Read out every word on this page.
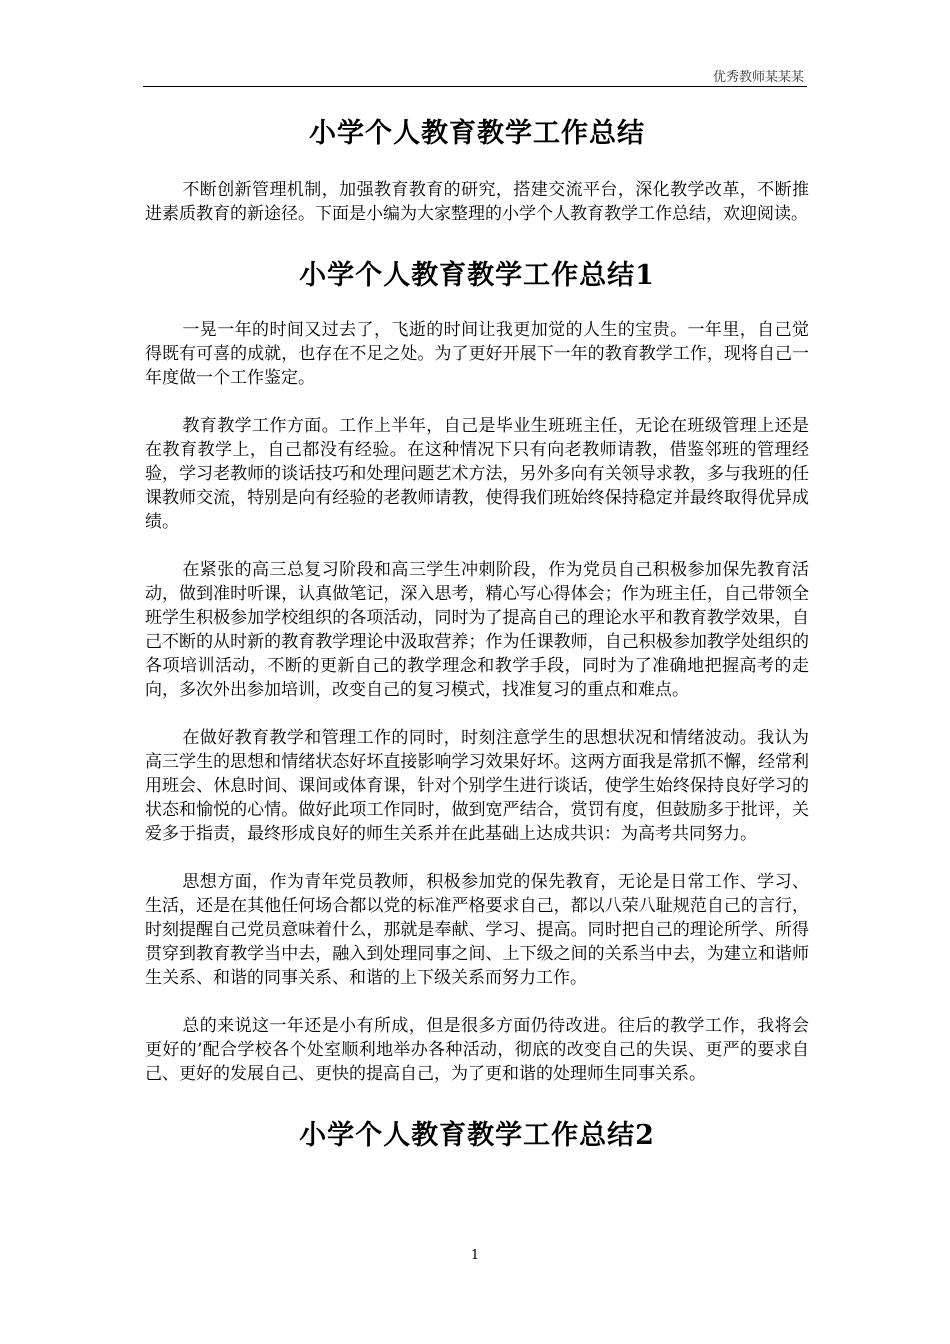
优秀教师某某某
小学个人教育教学工作总结

不断创新管理机制，加强教育教育的研究，搭建交流平台，深化教学改革，不断推进素质教育的新途径。下面是小编为大家整理的小学个人教育教学工作总结，欢迎阅读。

小学个人教育教学工作总结1

一晃一年的时间又过去了，飞逝的时间让我更加觉的人生的宝贵。一年里，自己觉得既有可喜的成就，也存在不足之处。为了更好开展下一年的教育教学工作，现将自己一年度做一个工作鉴定。

教育教学工作方面。工作上半年，自己是毕业生班班主任，无论在班级管理上还是在教育教学上，自己都没有经验。在这种情况下只有向老教师请教，借鉴邻班的管理经验，学习老教师的谈话技巧和处理问题艺术方法，另外多向有关领导求教，多与我班的任课教师交流，特别是向有经验的老教师请教，使得我们班始终保持稳定并最终取得优异成绩。

在紧张的高三总复习阶段和高三学生冲刺阶段，作为党员自己积极参加保先教育活动，做到准时听课，认真做笔记，深入思考，精心写心得体会；作为班主任，自己带领全班学生积极参加学校组织的各项活动，同时为了提高自己的理论水平和教育教学效果，自己不断的从时新的教育教学理论中汲取营养；作为任课教师，自己积极参加教学处组织的各项培训活动，不断的更新自己的教学理念和教学手段，同时为了准确地把握高考的走向，多次外出参加培训，改变自己的复习模式，找准复习的重点和难点。

在做好教育教学和管理工作的同时，时刻注意学生的思想状况和情绪波动。我认为高三学生的思想和情绪状态好坏直接影响学习效果好坏。这两方面我是常抓不懈，经常利用班会、休息时间、课间或体育课，针对个别学生进行谈话，使学生始终保持良好学习的状态和愉悦的心情。做好此项工作同时，做到宽严结合，赏罚有度，但鼓励多于批评，关爱多于指责，最终形成良好的师生关系并在此基础上达成共识：为高考共同努力。

思想方面，作为青年党员教师，积极参加党的保先教育，无论是日常工作、学习、生活，还是在其他任何场合都以党的标准严格要求自己，都以八荣八耻规范自己的言行，时刻提醒自己党员意味着什么，那就是奉献、学习、提高。同时把自己的理论所学、所得贯穿到教育教学当中去，融入到处理同事之间、上下级之间的关系当中去，为建立和谐师生关系、和谐的同事关系、和谐的上下级关系而努力工作。

总的来说这一年还是小有所成，但是很多方面仍待改进。往后的教学工作，我将会更好的’配合学校各个处室顺利地举办各种活动，彻底的改变自己的失误、更严的要求自己、更好的发展自己、更快的提高自己，为了更和谐的处理师生同事关系。

小学个人教育教学工作总结2
1
